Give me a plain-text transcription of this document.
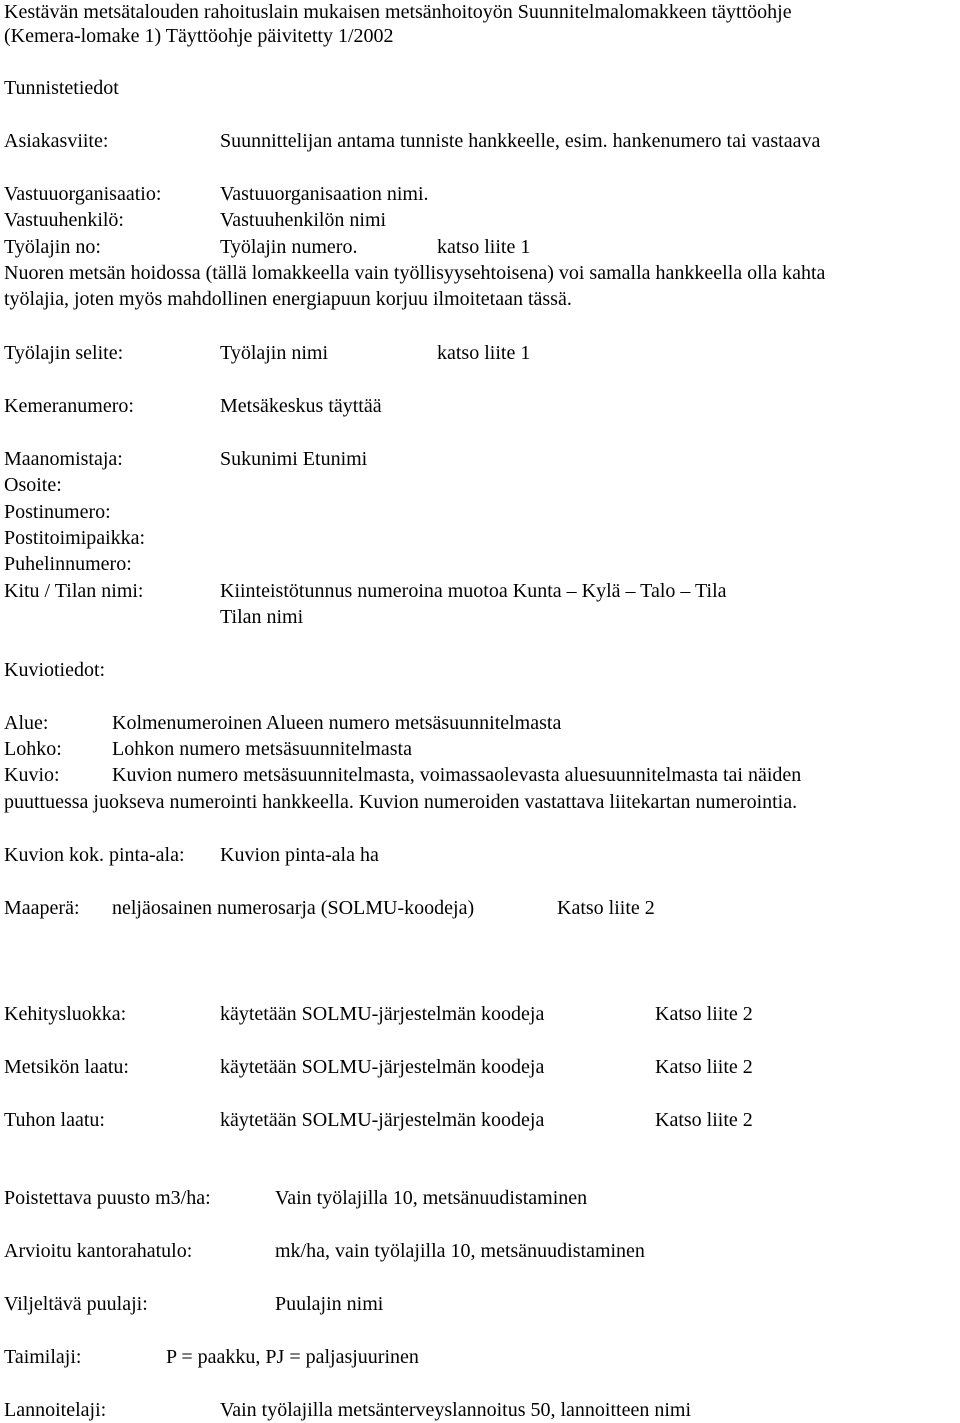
Kestävän metsätalouden rahoituslain mukaisen metsänhoitoyön Suunnitelmalomakkeen täyttöohje
(Kemera-lomake 1) Täyttöohje päivitetty 1/2002
Tunnistetiedot
Asiakasviite:	Suunnittelijan antama tunniste hankkeelle, esim. hankenumero tai vastaava
Vastuuorganisaatio:	Vastuuorganisaation nimi.
Vastuuhenkilö:	Vastuuhenkilön nimi
Työlajin no:	Työlajin numero.	katso liite 1
Nuoren metsän hoidossa (tällä lomakkeella vain työllisyysehtoisena) voi samalla hankkeella olla kahta
työlajia, joten myös mahdollinen energiapuun korjuu ilmoitetaan tässä.
Työlajin selite:	Työlajin nimi	katso liite 1
Kemeranumero:	Metsäkeskus täyttää
Maanomistaja:	Sukunimi Etunimi
Osoite:
Postinumero:
Postitoimipaikka:
Puhelinnumero:
Kitu / Tilan nimi:	Kiinteistötunnus numeroina muotoa Kunta – Kylä – Talo – Tila
Tilan nimi
Kuviotiedot:
Alue:	Kolmenumeroinen Alueen numero metsäsuunnitelmasta
Lohko:	Lohkon numero metsäsuunnitelmasta
Kuvio:	Kuvion numero metsäsuunnitelmasta, voimassaolevasta aluesuunnitelmasta tai näiden
puuttuessa juokseva numerointi hankkeella. Kuvion numeroiden vastattava liitekartan numerointia.
Kuvion kok. pinta-ala: Kuvion pinta-ala ha
Maaperä: neljäosainen numerosarja (SOLMU-koodeja)	Katso liite 2
Kehitysluokka:	käytetään SOLMU-järjestelmän koodeja	Katso liite 2
Metsikön laatu:	käytetään SOLMU-järjestelmän koodeja	Katso liite 2
Tuhon laatu:	käytetään SOLMU-järjestelmän koodeja	Katso liite 2
Poistettava puusto m3/ha:	Vain työlajilla 10, metsänuudistaminen
Arvioitu kantorahatulo:	mk/ha, vain työlajilla 10, metsänuudistaminen
Viljeltävä puulaji:	Puulajin nimi
Taimilaji:	P = paakku, PJ = paljasjuurinen
Lannoitelaji:	Vain työlajilla metsänterveyslannoitus 50, lannoitteen nimi
